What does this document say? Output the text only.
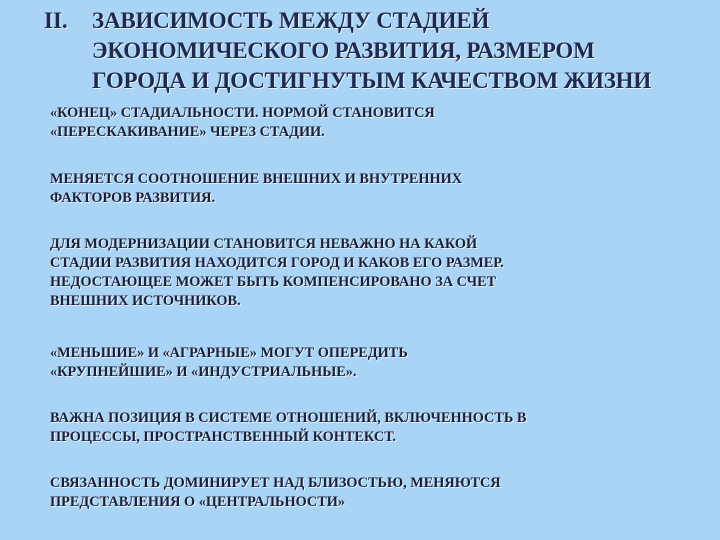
II. ЗАВИСИМОСТЬ МЕЖДУ СТАДИЕЙ
ЭКОНОМИЧЕСКОГО РАЗВИТИЯ, РАЗМЕРОМ
ГОРОДА И ДОСТИГНУТЫМ КАЧЕСТВОМ ЖИЗНИ

«КОНЕЦ» СТАДИАЛЬНОСТИ. НОРМОЙ СТАНОВИТСЯ
«ПЕРЕСКАКИВАНИЕ» ЧЕРЕЗ СТАДИИ.

МЕНЯЕТСЯ СООТНОШЕНИЕ ВНЕШНИХ И ВНУТРЕННИХ
ФАКТОРОВ РАЗВИТИЯ.

ДЛЯ МОДЕРНИЗАЦИИ СТАНОВИТСЯ НЕВАЖНО НА КАКОЙ
СТАДИИ РАЗВИТИЯ НАХОДИТСЯ ГОРОД И КАКОВ ЕГО РАЗМЕР.
НЕДОСТАЮЩЕЕ МОЖЕТ БЫТЬ КОМПЕНСИРОВАНО ЗА СЧЕТ
ВНЕШНИХ ИСТОЧНИКОВ.

«МЕНЬШИЕ» И «АГРАРНЫЕ» МОГУТ ОПЕРЕДИТЬ
«КРУПНЕЙШИЕ» И «ИНДУСТРИАЛЬНЫЕ».

ВАЖНА ПОЗИЦИЯ В СИСТЕМЕ ОТНОШЕНИЙ, ВКЛЮЧЕННОСТЬ В
ПРОЦЕССЫ, ПРОСТРАНСТВЕННЫЙ КОНТЕКСТ.

СВЯЗАННОСТЬ ДОМИНИРУЕТ НАД БЛИЗОСТЬЮ, МЕНЯЮТСЯ
ПРЕДСТАВЛЕНИЯ О «ЦЕНТРАЛЬНОСТИ»
